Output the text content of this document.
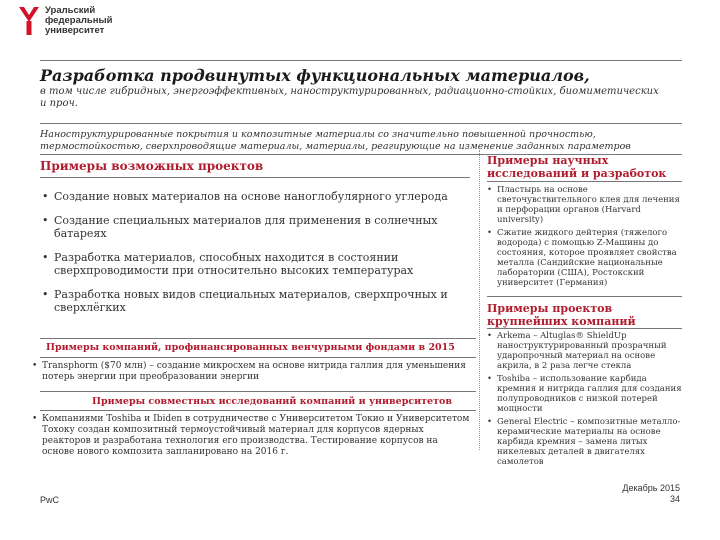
Уральский
федеральный
университет
Разработка продвинутых функциональных материалов,
в том числе гибридных, энергоэффективных, наноструктурированных, радиационно-стойких, биомиметических и проч.
Наноструктурированные покрытия и композитные материалы со значительно повышенной прочностью, термостойкостью, сверхпроводящие материалы, материалы, реагирующие на изменение заданных параметров
Примеры возможных проектов
• Создание новых материалов на основе наноглобулярного углерода
• Создание специальных материалов для применения в солнечных батареях
• Разработка материалов, способных находится в состоянии сверхпроводимости при относительно высоких температурах
• Разработка новых видов специальных материалов, сверхпрочных и сверхлёгких
Примеры компаний, профинансированных венчурными фондами в 2015
• Transphorm ($70 млн) – создание микросхем на основе нитрида галлия для уменьшения потерь энергии при преобразовании энергии
Примеры совместных исследований компаний и университетов
• Компаниями Toshiba и Ibiden в сотрудничестве с Университетом Токио и Университетом Тохоку создан композитный термоустойчивый материал для корпусов ядерных реакторов и разработана технология его производства. Тестирование корпусов на основе нового композита запланировано на 2016 г.
Примеры научных исследований и разработок
• Пластырь на основе светочувствительного клея для лечения и перфорации органов (Harvard university)
• Сжатие жидкого дейтерия (тяжелого водорода) с помощью Z-Машины до состояния, которое проявляет свойства металла (Сандийские национальные лаборатории (США), Ростокский университет (Германия)
Примеры проектов крупнейших компаний
• Arkema – Altuglas® ShieldUp наноструктурированный прозрачный ударопрочный материал на основе акрила, в 2 раза легче стекла
• Toshiba – использование карбида кремния и нитрида галлия для создания полупроводников с низкой потерей мощности
• General Electric – композитные металло-керамические материалы на основе карбида кремния – замена литых никелевых деталей в двигателях самолетов
PwC
Декабрь 2015
34
